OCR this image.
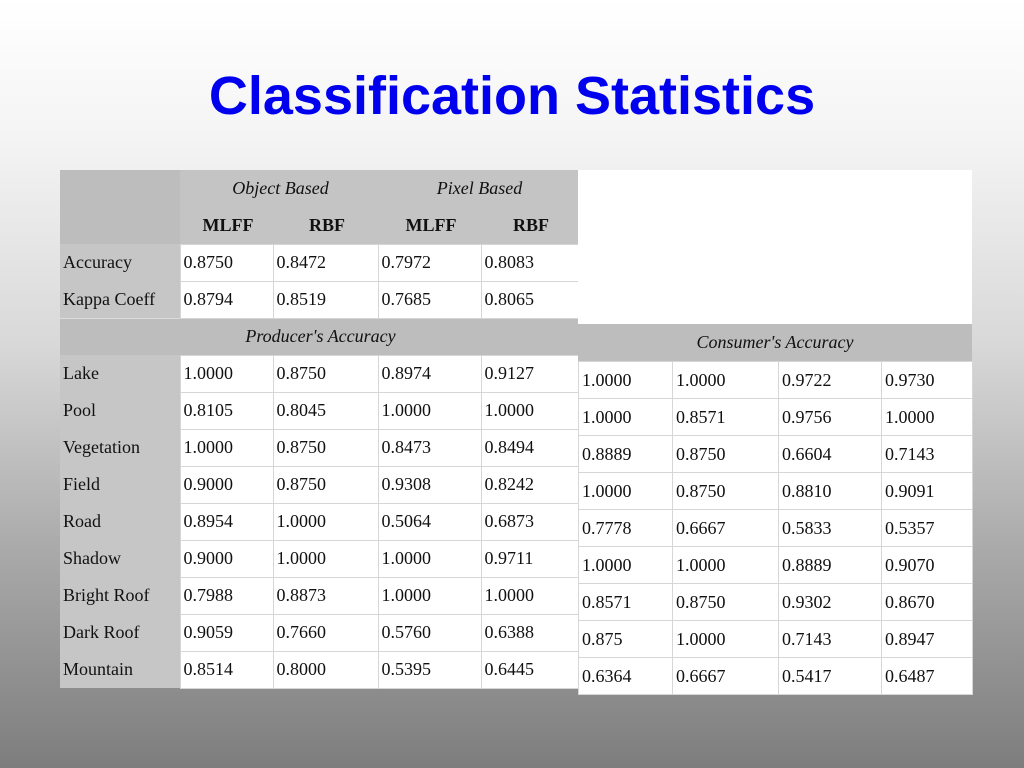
Classification Statistics
	Object Based		Pixel Based	
	MLFF	RBF	MLFF	RBF
Accuracy	0.8750	0.8472	0.7972	0.8083
Kappa Coeff	0.8794	0.8519	0.7685	0.8065
Producer's Accuracy				
Lake	1.0000	0.8750	0.8974	0.9127
Pool	0.8105	0.8045	1.0000	1.0000
Vegetation	1.0000	0.8750	0.8473	0.8494
Field	0.9000	0.8750	0.9308	0.8242
Road	0.8954	1.0000	0.5064	0.6873
Shadow	0.9000	1.0000	1.0000	0.9711
Bright Roof	0.7988	0.8873	1.0000	1.0000
Dark Roof	0.9059	0.7660	0.5760	0.6388
Mountain	0.8514	0.8000	0.5395	0.6445
Consumer's Accuracy
1.0000	1.0000	0.9722	0.9730
1.0000	0.8571	0.9756	1.0000
0.8889	0.8750	0.6604	0.7143
1.0000	0.8750	0.8810	0.9091
0.7778	0.6667	0.5833	0.5357
1.0000	1.0000	0.8889	0.9070
0.8571	0.8750	0.9302	0.8670
0.875	1.0000	0.7143	0.8947
0.6364	0.6667	0.5417	0.6487
